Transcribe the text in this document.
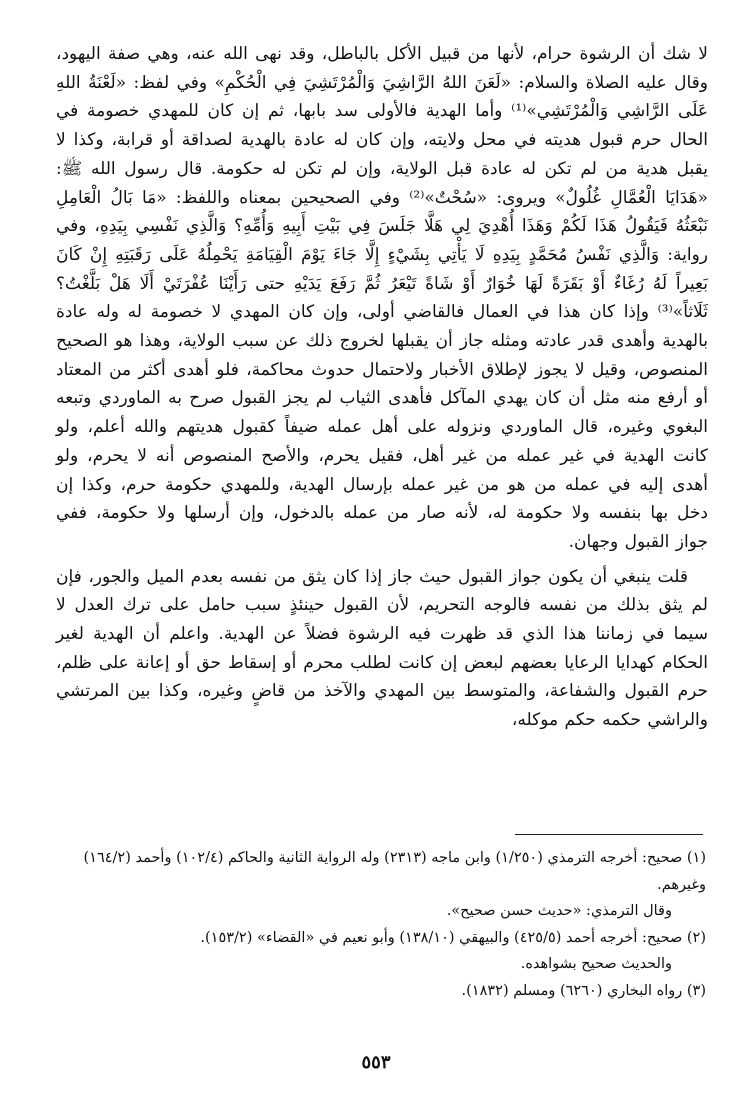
لا شك أن الرشوة حرام، لأنها من قبيل الأكل بالباطل، وقد نهى الله عنه، وهي صفة اليهود، وقال عليه الصلاة والسلام: «لَعَنَ اللهُ الرَّاشِيَ وَالْمُرْتَشِيَ فِي الْحُكْمِ» وفي لفظ: «لَعْنَةُ اللهِ عَلَى الرَّاشِي وَالْمُرْتَشِي»⁽¹⁾ وأما الهدية فالأولى سد بابها، ثم إن كان للمهدي خصومة في الحال حرم قبول هديته في محل ولايته، وإن كان له عادة بالهدية لصداقة أو قرابة، وكذا لا يقبل هدية من لم تكن له عادة قبل الولاية، وإن لم تكن له حكومة. قال رسول الله ﷺ: «هَدَايَا الْعُمَّالِ غُلُولٌ» ويروى: «سُحْتٌ»⁽²⁾ وفي الصحيحين بمعناه واللفظ: «مَا بَالُ الْعَامِلِ نَبْعَثُهُ فَيَقُولُ هَذَا لَكُمْ وَهَذَا أُهْدِيَ لِي هَلَّا جَلَسَ فِي بَيْتِ أَبِيهِ وَأُمِّهِ؟ وَالَّذِي نَفْسِي بِيَدِهِ، وفي رواية: وَالَّذِي نَفْسُ مُحَمَّدٍ بِيَدِهِ لَا يَأْتِي بِشَيْءٍ إِلَّا جَاءَ يَوْمَ الْقِيَامَةِ يَحْمِلُهُ عَلَى رَقَبَتِهِ إِنْ كَانَ بَعِيراً لَهُ رُغَاءٌ أَوْ بَقَرَةً لَهَا خُوَارٌ أَوْ شَاةً تَيْعَرُ ثُمَّ رَفَعَ يَدَيْهِ حتى رَأَيْنَا عُفْرَتَيْ أَلَا هَلْ بَلَّغْتُ؟ ثَلَاثاً»⁽³⁾ وإذا كان هذا في العمال فالقاضي أولى، وإن كان المهدي لا خصومة له وله عادة بالهدية وأهدى قدر عادته ومثله جاز أن يقبلها لخروج ذلك عن سبب الولاية، وهذا هو الصحيح المنصوص، وقيل لا يجوز لإطلاق الأخبار ولاحتمال حدوث محاكمة، فلو أهدى أكثر من المعتاد أو أرفع منه مثل أن كان يهدي المآكل فأهدى الثياب لم يجز القبول صرح به الماوردي وتبعه البغوي وغيره، قال الماوردي ونزوله على أهل عمله ضيفاً كقبول هديتهم والله أعلم، ولو كانت الهدية في غير عمله من غير أهل، فقيل يحرم، والأصح المنصوص أنه لا يحرم، ولو أهدى إليه في عمله من هو من غير عمله بإرسال الهدية، وللمهدي حكومة حرم، وكذا إن دخل بها بنفسه ولا حكومة له، لأنه صار من عمله بالدخول، وإن أرسلها ولا حكومة، ففي جواز القبول وجهان.

قلت ينبغي أن يكون جواز القبول حيث جاز إذا كان يثق من نفسه بعدم الميل والجور، فإن لم يثق بذلك من نفسه فالوجه التحريم، لأن القبول حينئذٍ سبب حامل على ترك العدل لا سيما في زماننا هذا الذي قد ظهرت فيه الرشوة فضلاً عن الهدية. واعلم أن الهدية لغير الحكام كهدايا الرعايا بعضهم لبعض إن كانت لطلب محرم أو إسقاط حق أو إعانة على ظلم، حرم القبول والشفاعة، والمتوسط بين المهدي والآخذ من قاضٍ وغيره، وكذا بين المرتشي والراشي حكمه حكم موكله،

(١) صحيح: أخرجه الترمذي (١/٢٥٠) وابن ماجه (٢٣١٣) وله الرواية الثانية والحاكم (١٠٢/٤) وأحمد (١٦٤/٢) وغيرهم.

وقال الترمذي: «حديث حسن صحيح».

(٢) صحيح: أخرجه أحمد (٤٢٥/٥) والبيهقي (١٣٨/١٠) وأبو نعيم في «القضاء» (١٥٣/٢).

والحديث صحيح بشواهده.

(٣) رواه البخاري (٦٢٦٠) ومسلم (١٨٣٢).

٥٥٣
